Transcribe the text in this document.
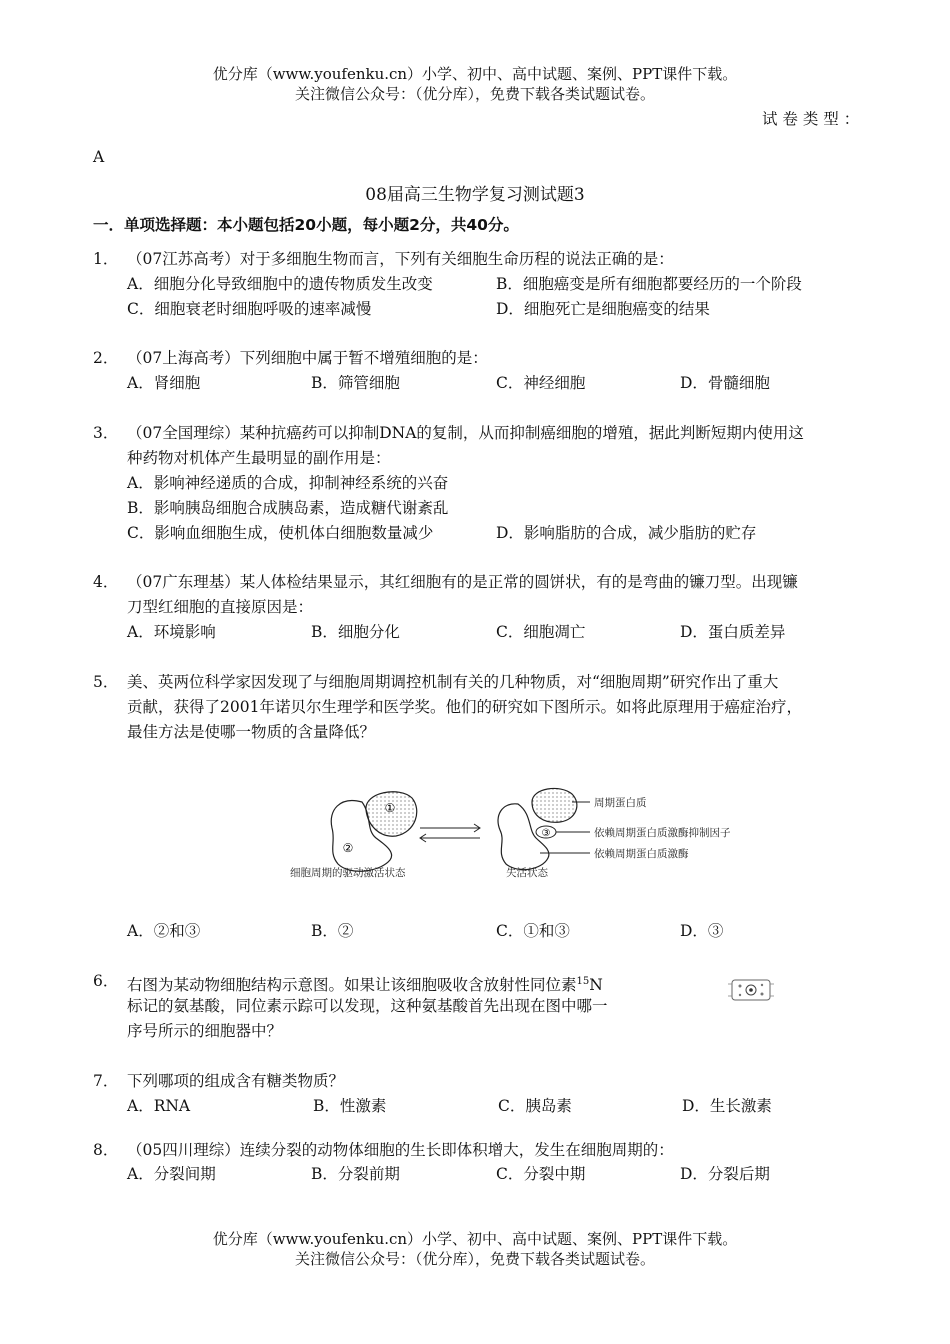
优分库（www.youfenku.cn）小学、初中、高中试题、案例、PPT课件下载。
关注微信公众号：（优分库），免费下载各类试题试卷。
试 卷 类 型 ：
A
08届高三生物学复习测试题3
一．单项选择题：本小题包括20小题，每小题2分，共40分。
1． （07江苏高考）对于多细胞生物而言，下列有关细胞生命历程的说法正确的是：
A．细胞分化导致细胞中的遗传物质发生改变	B．细胞癌变是所有细胞都要经历的一个阶段
C．细胞衰老时细胞呼吸的速率减慢	D．细胞死亡是细胞癌变的结果
2． （07上海高考）下列细胞中属于暂不增殖细胞的是：
A．肾细胞	B．筛管细胞	C．神经细胞	D．骨髓细胞
3． （07全国理综）某种抗癌药可以抑制DNA的复制，从而抑制癌细胞的增殖，据此判断短期内使用这
种药物对机体产生最明显的副作用是：
A．影响神经递质的合成，抑制神经系统的兴奋
B．影响胰岛细胞合成胰岛素，造成糖代谢紊乱
C．影响血细胞生成，使机体白细胞数量减少	D．影响脂肪的合成，减少脂肪的贮存
4． （07广东理基）某人体检结果显示，其红细胞有的是正常的圆饼状，有的是弯曲的镰刀型。出现镰
刀型红细胞的直接原因是：
A．环境影响	B．细胞分化	C．细胞凋亡	D．蛋白质差异
5． 美、英两位科学家因发现了与细胞周期调控机制有关的几种物质，对“细胞周期”研究作出了重大
贡献，获得了2001年诺贝尔生理学和医学奖。他们的研究如下图所示。如将此原理用于癌症治疗，
最佳方法是使哪一物质的含量降低？
①
②
细胞周期的驱动激活状态
③
周期蛋白质
依赖周期蛋白质激酶抑制因子
依赖周期蛋白质激酶
失活状态
A．②和③	B．②	C．①和③	D．③
6． 右图为某动物细胞结构示意图。如果让该细胞吸收含放射性同位素$^{15}$N
标记的氨基酸，同位素示踪可以发现，这种氨基酸首先出现在图中哪一
序号所示的细胞器中？
7． 下列哪项的组成含有糖类物质？
A．RNA	B．性激素	C．胰岛素	D．生长激素
8． （05四川理综）连续分裂的动物体细胞的生长即体积增大，发生在细胞周期的：
A．分裂间期	B．分裂前期	C．分裂中期	D．分裂后期
优分库（www.youfenku.cn）小学、初中、高中试题、案例、PPT课件下载。
关注微信公众号：（优分库），免费下载各类试题试卷。
